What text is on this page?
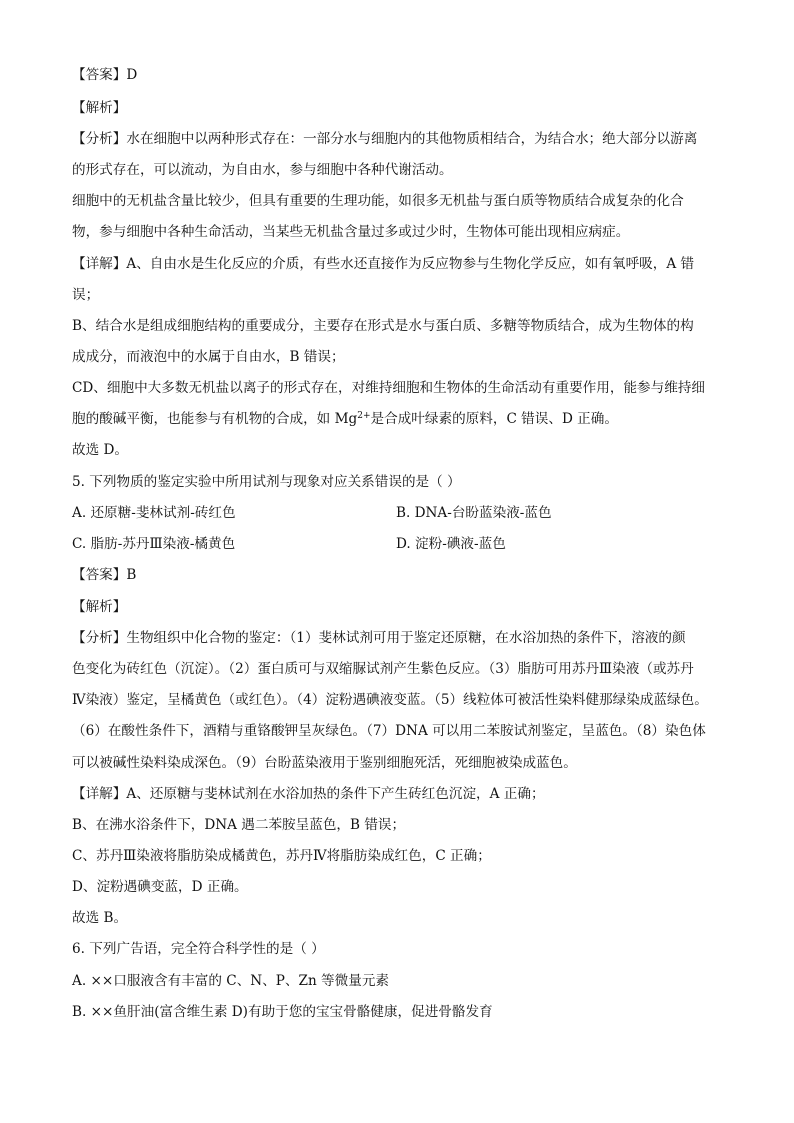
【 答案 】 D
【 解析 】
【 分析 】 水在细胞中以两种形式存在：一部分水与细胞内的其他物质相结合，为结合水；绝大部分以游离
的形式存在，可以流动，为自由水，参与细胞中各种代谢活动。
细胞中的无机盐含量比较少，但具有重要的生理功能，如很多无机盐与蛋白质等物质结合成复杂的化合
物，参与细胞中各种生命活动，当某些无机盐含量过多或过少时，生物体可能出现相应病症。
【 详解 】 A、自由水是生化反应的介质，有些水还直接作为反应物参与生物化学反应，如有氧呼吸，A 错
误；
B、结合水是组成细胞结构的重要成分，主要存在形式是水与蛋白质、多糖等物质结合，成为生物体的构
成成分，而液泡中的水属于自由水，B 错误；
CD、细胞中大多数无机盐以离子的形式存在，对维持细胞和生物体的生命活动有重要作用，能参与维持细
胞的酸碱平衡，也能参与有机物的合成，如 $Mg^{2+}$是合成叶绿素的原料，C 错误、D 正确。
故选 D。
5. 下列物质的鉴定实验中所用试剂与现象对应关系错误的是（ ）
A. 还原糖-斐林试剂-砖红色	B. DNA-台盼蓝染液-蓝色
C. 脂肪-苏丹Ⅲ染液-橘黄色	D. 淀粉-碘液-蓝色
【 答案 】 B
【 解析 】
【 分析 】 生物组织中化合物的鉴定：（1）斐林试剂可用于鉴定还原糖，在水浴加热的条件下，溶液的颜
色变化为砖红色（沉淀）。（2）蛋白质可与双缩脲试剂产生紫色反应。（3）脂肪可用苏丹Ⅲ染液（或苏丹
Ⅳ染液）鉴定，呈橘黄色（或红色）。（4）淀粉遇碘液变蓝。（5）线粒体可被活性染料健那绿染成蓝绿色。
（6）在酸性条件下，酒精与重铬酸钾呈灰绿色。（7）DNA 可以用二苯胺试剂鉴定，呈蓝色。（8）染色体
可以被碱性染料染成深色。（9）台盼蓝染液用于鉴别细胞死活，死细胞被染成蓝色。
【 详解 】 A、还原糖与斐林试剂在水浴加热的条件下产生砖红色沉淀，A 正确；
B、在沸水浴条件下，DNA 遇二苯胺呈蓝色，B 错误；
C、苏丹Ⅲ染液将脂肪染成橘黄色，苏丹Ⅳ将脂肪染成红色，C 正确；
D、淀粉遇碘变蓝，D 正确。
故选 B。
6. 下列广告语，完全符合科学性的是（ ）
A. ××口服液含有丰富的 C、N、P、Zn 等微量元素
B. ××鱼肝油(富含维生素 D)有助于您的宝宝骨骼健康，促进骨骼发育
